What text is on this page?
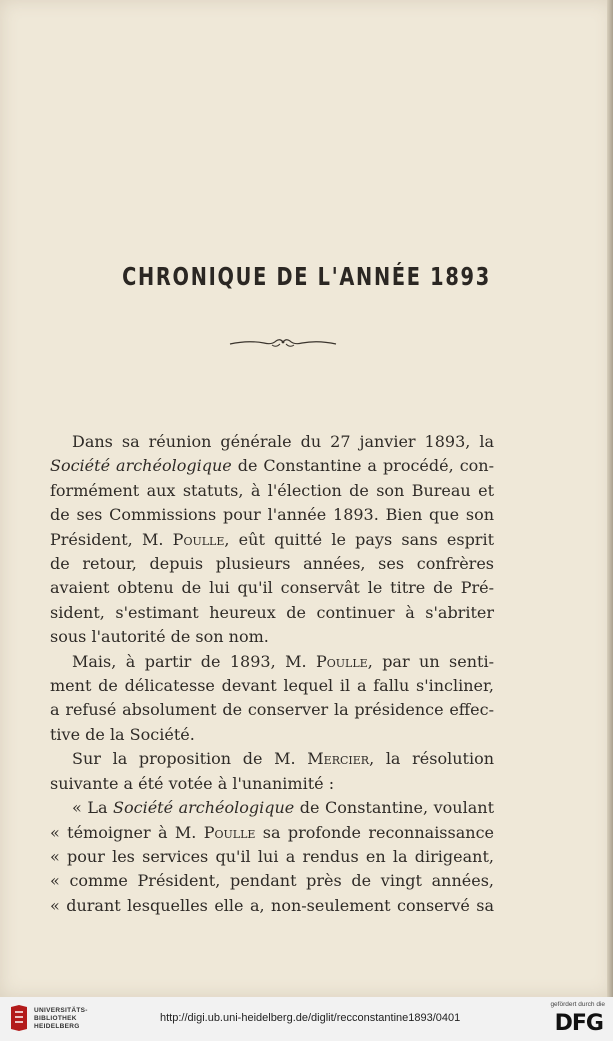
CHRONIQUE DE L'ANNÉE 1893
Dans sa réunion générale du 27 janvier 1893, la
Société archéologique de Constantine a procédé, con-
formément aux statuts, à l'élection de son Bureau et
de ses Commissions pour l'année 1893. Bien que son
Président, M. Poulle, eût quitté le pays sans esprit
de retour, depuis plusieurs années, ses confrères
avaient obtenu de lui qu'il conservât le titre de Pré-
sident, s'estimant heureux de continuer à s'abriter
sous l'autorité de son nom.
Mais, à partir de 1893, M. Poulle, par un senti-
ment de délicatesse devant lequel il a fallu s'incliner,
a refusé absolument de conserver la présidence effec-
tive de la Société.
Sur la proposition de M. Mercier, la résolution
suivante a été votée à l'unanimité :
« La Société archéologique de Constantine, voulant
« témoigner à M. Poulle sa profonde reconnaissance
« pour les services qu'il lui a rendus en la dirigeant,
« comme Président, pendant près de vingt années,
« durant lesquelles elle a, non-seulement conservé sa
UNIVERSITÄTS-
BIBLIOTHEK
HEIDELBERG
http://digi.ub.uni-heidelberg.de/diglit/recconstantine1893/0401
gefördert durch die
DFG
